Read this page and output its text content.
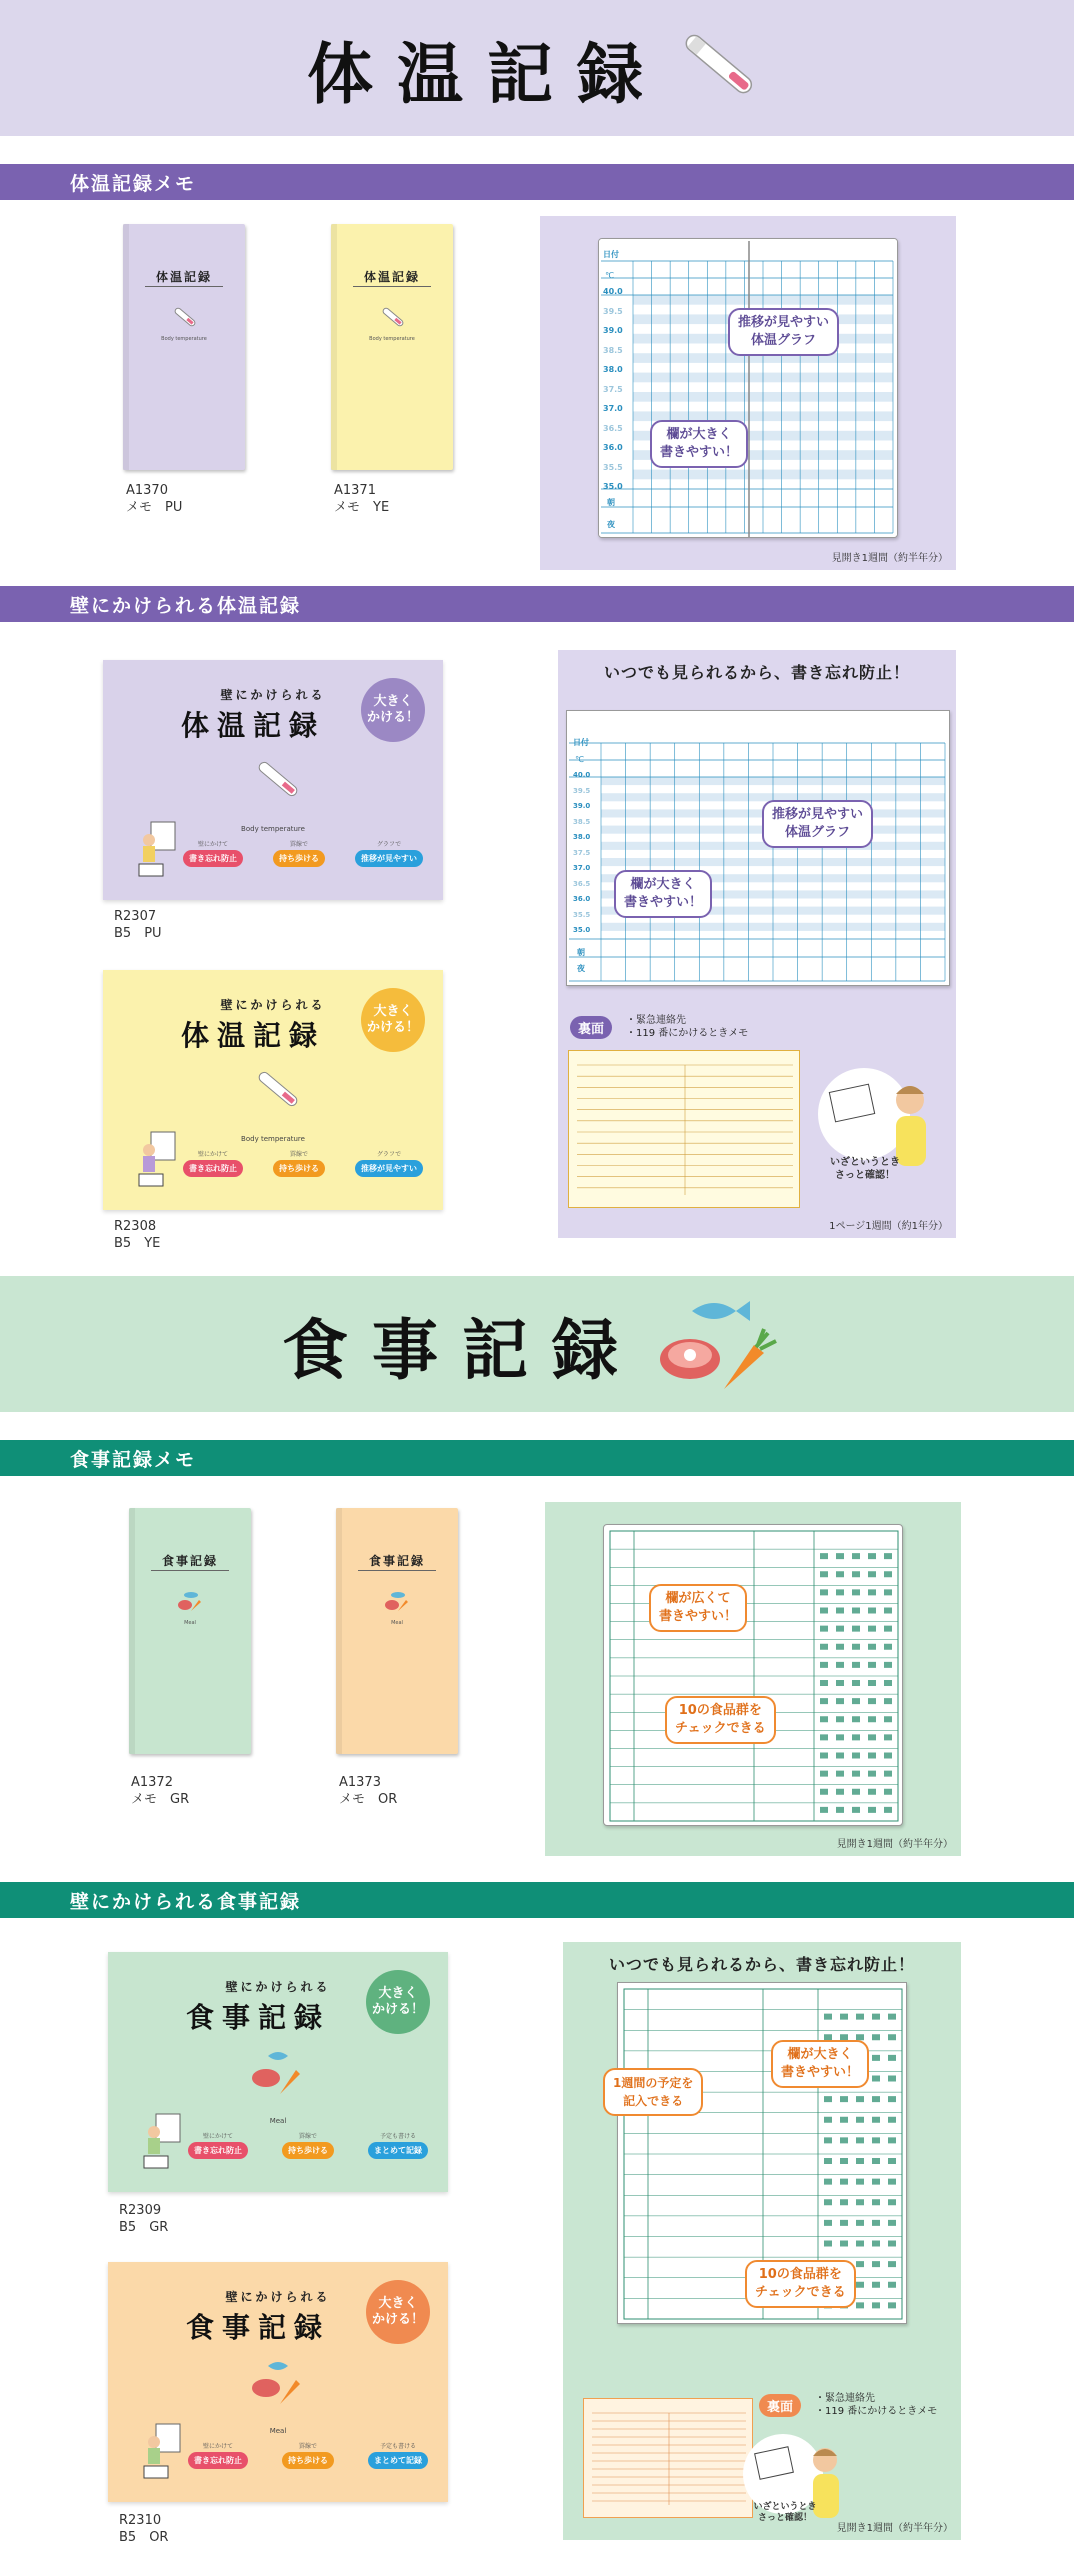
体温記録
体温記録メモ
体温記録
Body temperature
A1370
メモ　PU
体温記録
Body temperature
A1371
メモ　YE
日付
℃
40.0
39.5
39.0
38.5
38.0
37.5
37.0
36.5
36.0
35.5
35.0
朝
夜
推移が見やすい
体温グラフ
欄が大きく
書きやすい！
見開き1週間（約半年分）
壁にかけられる体温記録
壁にかけられる
体温記録
大きく
かける！
Body temperature
壁にかけて
書き忘れ防止
罫線で
持ち歩ける
グラフで
推移が見やすい
R2307
B5　PU
壁にかけられる
体温記録
大きく
かける！
Body temperature
壁にかけて
書き忘れ防止
罫線で
持ち歩ける
グラフで
推移が見やすい
R2308
B5　YE
いつでも見られるから、書き忘れ防止！
日付
℃
40.0
39.5
39.0
38.5
38.0
37.5
37.0
36.5
36.0
35.5
35.0
朝
夜
推移が見やすい
体温グラフ
欄が大きく
書きやすい！
裏面
・緊急連絡先
・119 番にかけるときメモ
いざというとき
さっと確認！
1ページ1週間（約1年分）
食事記録
食事記録メモ
食事記録
Meal
A1372
メモ　GR
食事記録
Meal
A1373
メモ　OR
欄が広くて
書きやすい！
10の食品群を
チェックできる
見開き1週間（約半年分）
壁にかけられる食事記録
壁にかけられる
食事記録
大きく
かける！
Meal
壁にかけて
書き忘れ防止
罫線で
持ち歩ける
予定も書ける
まとめて記録
R2309
B5　GR
壁にかけられる
食事記録
大きく
かける！
Meal
壁にかけて
書き忘れ防止
罫線で
持ち歩ける
予定も書ける
まとめて記録
R2310
B5　OR
いつでも見られるから、書き忘れ防止！
1週間の予定を
記入できる
欄が大きく
書きやすい！
10の食品群を
チェックできる
裏面
・緊急連絡先
・119 番にかけるときメモ
いざというとき
さっと確認！
見開き1週間（約半年分）
